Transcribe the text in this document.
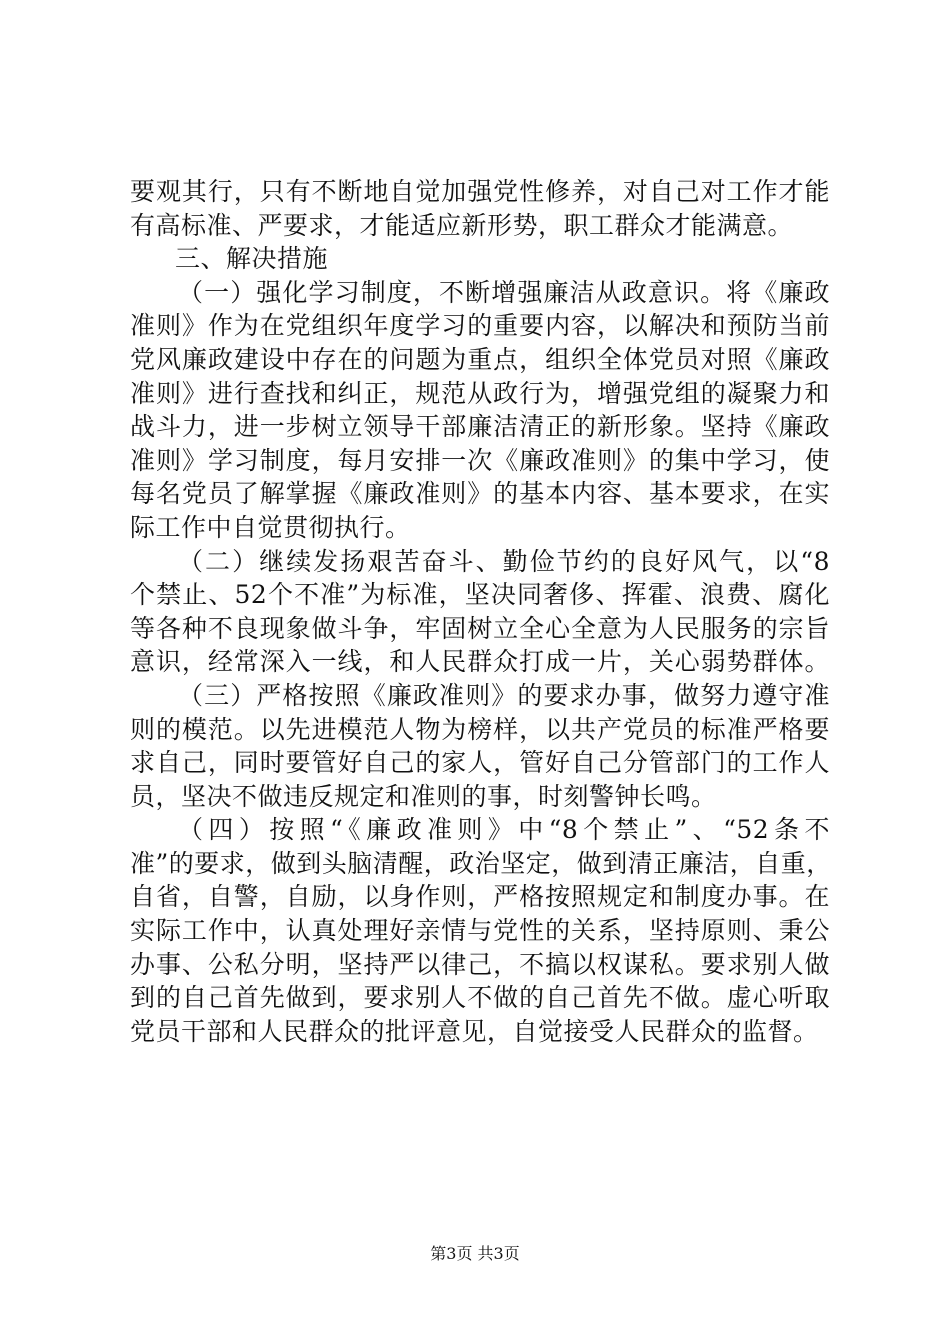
要观其行，只有不断地自觉加强党性修养，对自己对工作才能
有高标准、严要求，才能适应新形势，职工群众才能满意。
三、解决措施
（一）强化学习制度，不断增强廉洁从政意识。将《廉政
准则》作为在党组织年度学习的重要内容，以解决和预防当前
党风廉政建设中存在的问题为重点，组织全体党员对照《廉政
准则》进行查找和纠正，规范从政行为，增强党组的凝聚力和
战斗力，进一步树立领导干部廉洁清正的新形象。坚持《廉政
准则》学习制度，每月安排一次《廉政准则》的集中学习，使
每名党员了解掌握《廉政准则》的基本内容、基本要求，在实
际工作中自觉贯彻执行。
（二）继续发扬艰苦奋斗、勤俭节约的良好风气，以“8
个禁止、52个不准”为标准，坚决同奢侈、挥霍、浪费、腐化
等各种不良现象做斗争，牢固树立全心全意为人民服务的宗旨
意识，经常深入一线，和人民群众打成一片，关心弱势群体。
（三）严格按照《廉政准则》的要求办事，做努力遵守准
则的模范。以先进模范人物为榜样，以共产党员的标准严格要
求自己，同时要管好自己的家人，管好自己分管部门的工作人
员，坚决不做违反规定和准则的事，时刻警钟长鸣。
（四）按照“《廉政准则》中“8个禁止”、“52条不
准”的要求，做到头脑清醒，政治坚定，做到清正廉洁，自重，
自省，自警，自励，以身作则，严格按照规定和制度办事。在
实际工作中，认真处理好亲情与党性的关系，坚持原则、秉公
办事、公私分明，坚持严以律己，不搞以权谋私。要求别人做
到的自己首先做到，要求别人不做的自己首先不做。虚心听取
党员干部和人民群众的批评意见，自觉接受人民群众的监督。
第3页 共3页
